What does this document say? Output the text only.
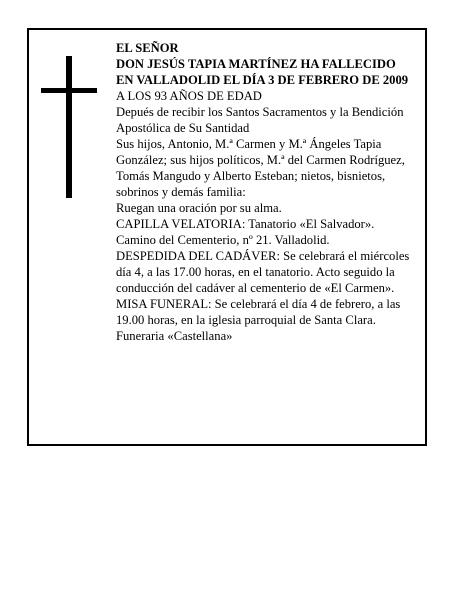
EL SEÑOR

DON JESÚS TAPIA MARTÍNEZ HA FALLECIDO EN VALLADOLID EL DÍA 3 DE FEBRERO DE 2009

A LOS 93 AÑOS DE EDAD

Depués de recibir los Santos Sacramentos y la Bendición Apostólica de Su Santidad

Sus hijos, Antonio, M.ª Carmen y M.ª Ángeles Tapia González; sus hijos políticos, M.ª del Carmen Rodríguez, Tomás Mangudo y Alberto Esteban; nietos, bisnietos, sobrinos y demás familia:

Ruegan una oración por su alma.

CAPILLA VELATORIA: Tanatorio «El Salvador». Camino del Cementerio, nº 21. Valladolid.

DESPEDIDA DEL CADÁVER: Se celebrará el miércoles día 4, a las 17.00 horas, en el tanatorio. Acto seguido la conducción del cadáver al cementerio de «El Carmen».

MISA FUNERAL: Se celebrará el día 4 de febrero, a las 19.00 horas, en la iglesia parroquial de Santa Clara.

Funeraria «Castellana»
